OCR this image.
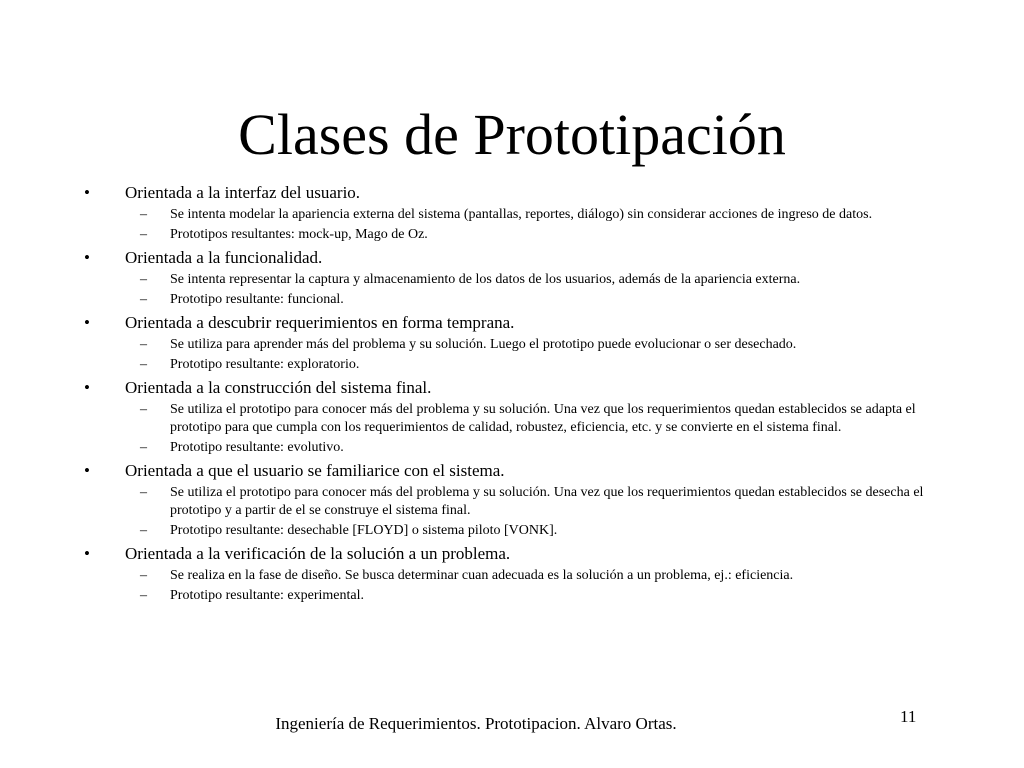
Clases de Prototipación

•	Orientada a la interfaz del usuario.

– Se intenta modelar la apariencia externa del sistema (pantallas, reportes, diálogo) sin considerar acciones de ingreso de datos.

– Prototipos resultantes: mock-up, Mago de Oz.

•	Orientada a la funcionalidad.

– Se intenta representar la captura y almacenamiento de los datos de los usuarios, además de la apariencia externa.

– Prototipo resultante: funcional.

•	Orientada a descubrir requerimientos en forma temprana.

– Se utiliza para aprender más del problema y su solución. Luego el prototipo puede evolucionar o ser desechado.

– Prototipo resultante: exploratorio.

•	Orientada a la construcción del sistema final.

– Se utiliza el prototipo para conocer más del problema y su solución. Una vez que los requerimientos quedan establecidos se adapta el prototipo para que cumpla con los requerimientos de calidad, robustez, eficiencia, etc. y se convierte en el sistema final.

– Prototipo resultante: evolutivo.

•	Orientada a que el usuario se familiarice con el sistema.

– Se utiliza el prototipo para conocer más del problema y su solución. Una vez que los requerimientos quedan establecidos se desecha el prototipo y a partir de el se construye el sistema final.

– Prototipo resultante: desechable [FLOYD] o sistema piloto [VONK].

•	Orientada a la verificación de la solución a un problema.

– Se realiza en la fase de diseño. Se busca determinar cuan adecuada es la solución a un problema, ej.: eficiencia.

– Prototipo resultante: experimental.

Ingeniería de Requerimientos. Prototipacion. Alvaro Ortas.	11
